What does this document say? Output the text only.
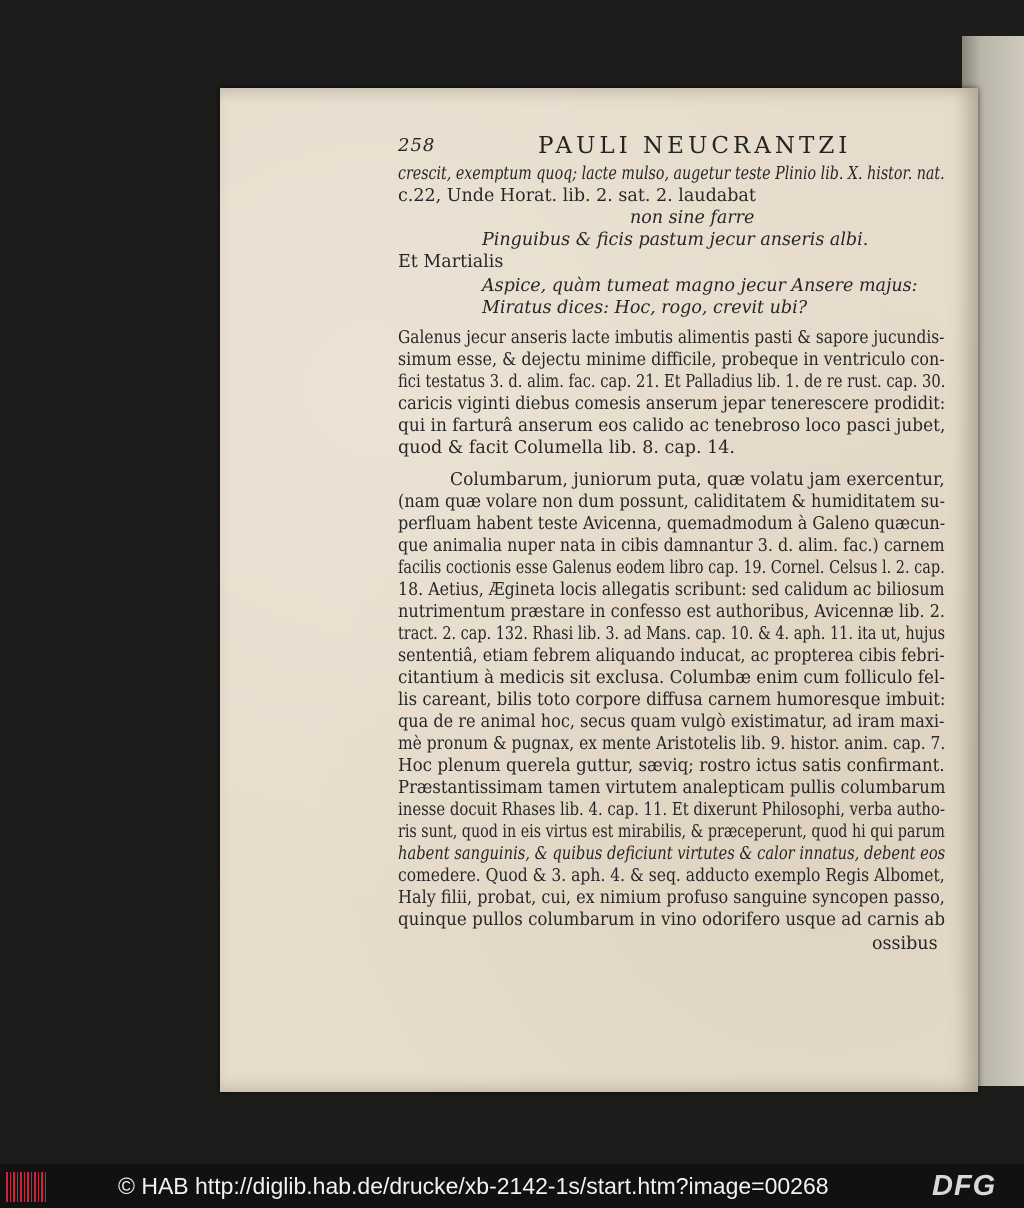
258	PAULI NEUCRANTZI
crescit, exemptum quoq; lacte mulso, augetur teste Plinio lib. X. histor. nat.
c.22, Unde Horat. lib. 2. sat. 2. laudabat
non sine farre
Pinguibus & ficis pastum jecur anseris albi.
Et Martialis
Aspice, quàm tumeat magno jecur Ansere majus:
Miratus dices: Hoc, rogo, crevit ubi?
Galenus jecur anseris lacte imbutis alimentis pasti & sapore jucundis-
simum esse, & dejectu minime difficile, probeque in ventriculo con-
fici testatus 3. d. alim. fac. cap. 21. Et Palladius lib. 1. de re rust. cap. 30.
caricis viginti diebus comesis anserum jepar tenerescere prodidit:
qui in farturâ anserum eos calido ac tenebroso loco pasci jubet,
quod & facit Columella lib. 8. cap. 14.
Columbarum, juniorum puta, quæ volatu jam exercentur,
(nam quæ volare non dum possunt, caliditatem & humiditatem su-
perfluam habent teste Avicenna, quemadmodum à Galeno quæcun-
que animalia nuper nata in cibis damnantur 3. d. alim. fac.) carnem
facilis coctionis esse Galenus eodem libro cap. 19. Cornel. Celsus l. 2. cap.
18. Aetius, Ægineta locis allegatis scribunt: sed calidum ac biliosum
nutrimentum præstare in confesso est authoribus, Avicennæ lib. 2.
tract. 2. cap. 132. Rhasi lib. 3. ad Mans. cap. 10. & 4. aph. 11. ita ut, hujus
sententiâ, etiam febrem aliquando inducat, ac propterea cibis febri-
citantium à medicis sit exclusa. Columbæ enim cum folliculo fel-
lis careant, bilis toto corpore diffusa carnem humoresque imbuit:
qua de re animal hoc, secus quam vulgò existimatur, ad iram maxi-
mè pronum & pugnax, ex mente Aristotelis lib. 9. histor. anim. cap. 7.
Hoc plenum querela guttur, sæviq; rostro ictus satis confirmant.
Præstantissimam tamen virtutem analepticam pullis columbarum
inesse docuit Rhases lib. 4. cap. 11. Et dixerunt Philosophi, verba autho-
ris sunt, quod in eis virtus est mirabilis, & præceperunt, quod hi qui parum
habent sanguinis, & quibus deficiunt virtutes & calor innatus, debent eos
comedere. Quod & 3. aph. 4. & seq. adducto exemplo Regis Albomet,
Haly filii, probat, cui, ex nimium profuso sanguine syncopen passo,
quinque pullos columbarum in vino odorifero usque ad carnis ab
ossibus
© HAB http://diglib.hab.de/drucke/xb-2142-1s/start.htm?image=00268	DFG
